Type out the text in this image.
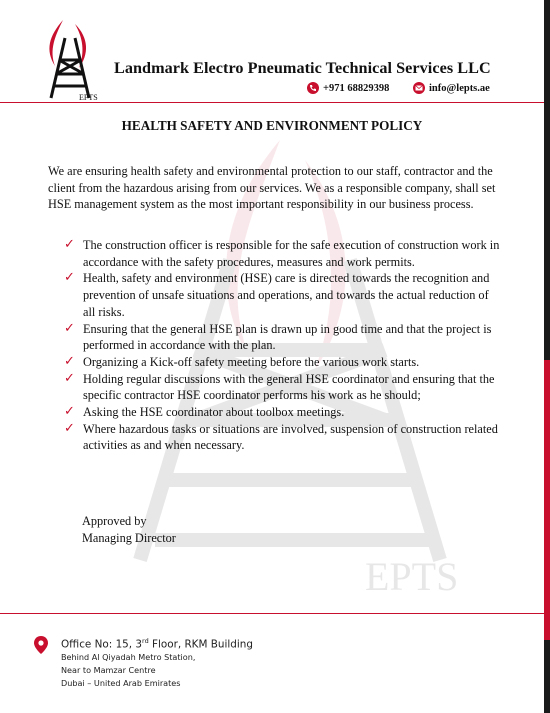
EPTS
EPTS
Landmark Electro Pneumatic Technical Services LLC
+971 68829398	info@lepts.ae
HEALTH SAFETY AND ENVIRONMENT POLICY
We are ensuring health safety and environmental protection to our staff, contractor and the client from the hazardous arising from our services. We as a responsible company, shall set HSE management system as the most important responsibility in our business process.
✓ The construction officer is responsible for the safe execution of construction work in accordance with the safety procedures, measures and work permits.
✓ Health, safety and environment (HSE) care is directed towards the recognition and prevention of unsafe situations and operations, and towards the actual reduction of all risks.
✓ Ensuring that the general HSE plan is drawn up in good time and that the project is performed in accordance with the plan.
✓ Organizing a Kick-off safety meeting before the various work starts.
✓ Holding regular discussions with the general HSE coordinator and ensuring that the specific contractor HSE coordinator performs his work as he should;
✓ Asking the HSE coordinator about toolbox meetings.
✓ Where hazardous tasks or situations are involved, suspension of construction related activities as and when necessary.
Approved by
Managing Director
Office No: 15, 3rd Floor, RKM Building
Behind Al Qiyadah Metro Station,
Near to Mamzar Centre
Dubai – United Arab Emirates
